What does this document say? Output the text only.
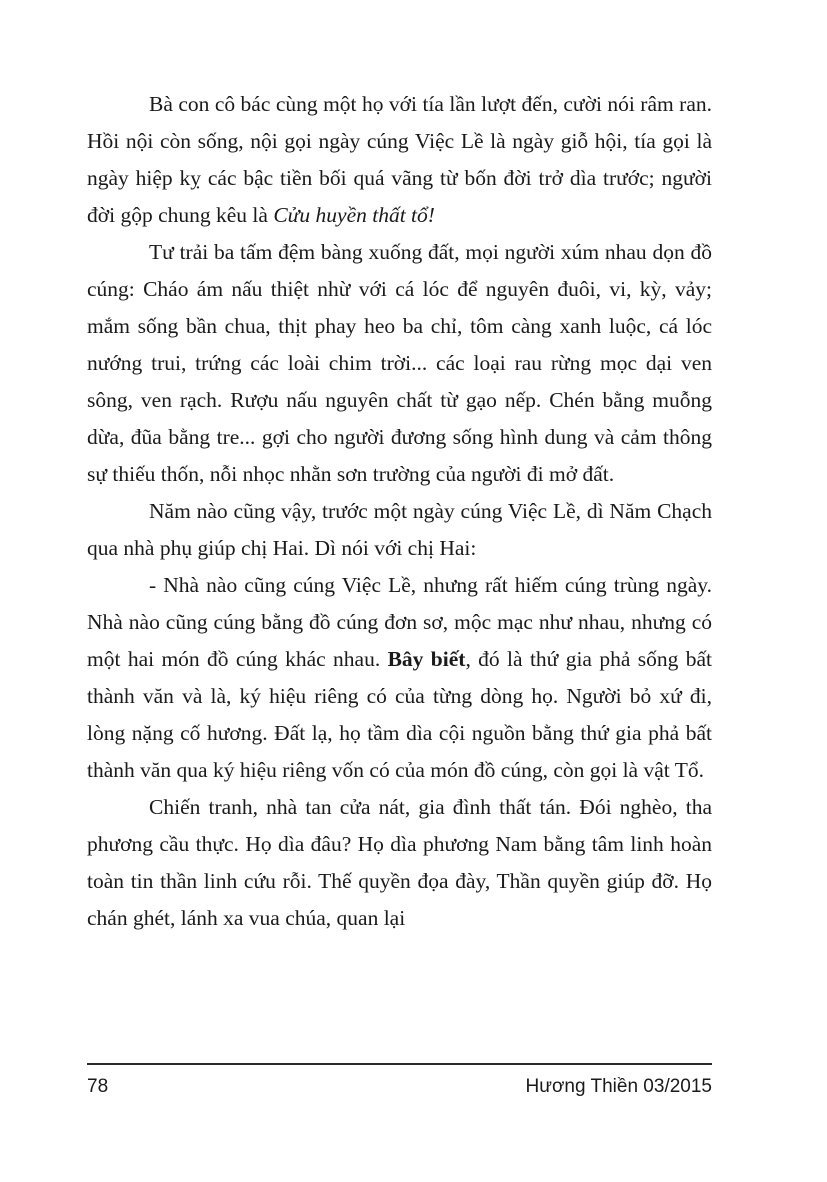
Bà con cô bác cùng một họ với tía lần lượt đến, cười nói râm ran. Hồi nội còn sống, nội gọi ngày cúng Việc Lề là ngày giỗ hội, tía gọi là ngày hiệp kỵ các bậc tiền bối quá vãng từ bốn đời trở dìa trước; người đời gộp chung kêu là Cửu huyền thất tổ!

Tư trải ba tấm đệm bàng xuống đất, mọi người xúm nhau dọn đồ cúng: Cháo ám nấu thiệt nhừ với cá lóc để nguyên đuôi, vi, kỳ, vảy; mắm sống bần chua, thịt phay heo ba chỉ, tôm càng xanh luộc, cá lóc nướng trui, trứng các loài chim trời... các loại rau rừng mọc dại ven sông, ven rạch. Rượu nấu nguyên chất từ gạo nếp. Chén bằng muỗng dừa, đũa bằng tre... gợi cho người đương sống hình dung và cảm thông sự thiếu thốn, nỗi nhọc nhằn sơn trường của người đi mở đất.

Năm nào cũng vậy, trước một ngày cúng Việc Lề, dì Năm Chạch qua nhà phụ giúp chị Hai. Dì nói với chị Hai:

- Nhà nào cũng cúng Việc Lề, nhưng rất hiếm cúng trùng ngày. Nhà nào cũng cúng bằng đồ cúng đơn sơ, mộc mạc như nhau, nhưng có một hai món đồ cúng khác nhau. Bây biết, đó là thứ gia phả sống bất thành văn và là, ký hiệu riêng có của từng dòng họ. Người bỏ xứ đi, lòng nặng cố hương. Đất lạ, họ tầm dìa cội nguồn bằng thứ gia phả bất thành văn qua ký hiệu riêng vốn có của món đồ cúng, còn gọi là vật Tổ.

Chiến tranh, nhà tan cửa nát, gia đình thất tán. Đói nghèo, tha phương cầu thực. Họ dìa đâu? Họ dìa phương Nam bằng tâm linh hoàn toàn tin thần linh cứu rỗi. Thế quyền đọa đày, Thần quyền giúp đỡ. Họ chán ghét, lánh xa vua chúa, quan lại

78	Hương Thiền 03/2015
